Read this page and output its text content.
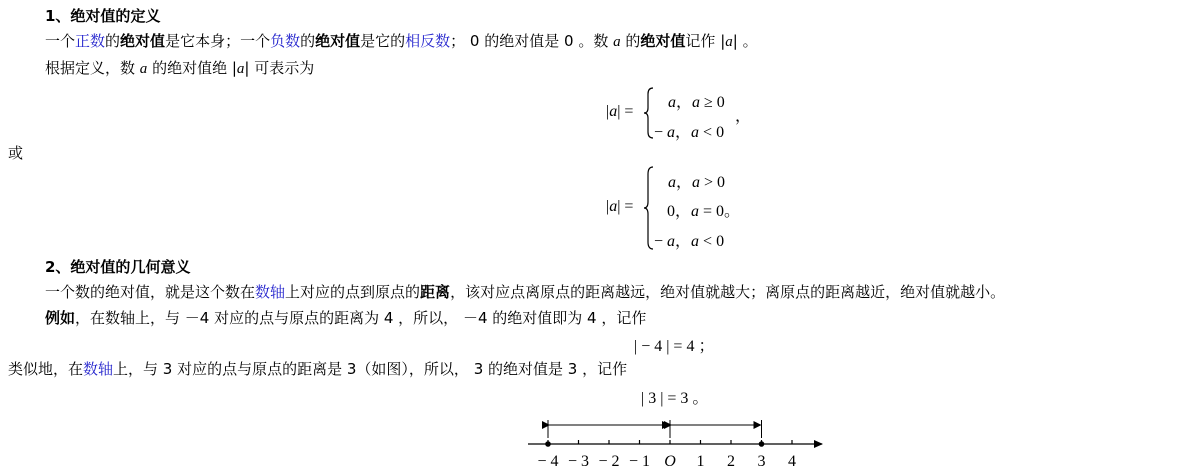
1、绝对值的定义
一个正数的绝对值是它本身；一个负数的绝对值是它的相反数； 0 的绝对值是 0 。数 a 的绝对值记作 |a| 。
根据定义，数 a 的绝对值绝 |a| 可表示为
|a| =
a，a ≥ 0
− a，a < 0
，
或
|a| =
a，a > 0
0，a = 0。
− a，a < 0
2、绝对值的几何意义
一个数的绝对值，就是这个数在数轴上对应的点到原点的距离，该对应点离原点的距离越远，绝对值就越大；离原点的距离越近，绝对值就越小。
例如，在数轴上，与 －4 对应的点与原点的距离为 4 ，所以， －4 的绝对值即为 4 ，记作
| − 4 | = 4 ；
类似地，在数轴上，与 3 对应的点与原点的距离是 3（如图），所以， 3 的绝对值是 3 ，记作
| 3 | = 3 。
− 4 − 3 − 2 − 1 O 1 2 3 4
